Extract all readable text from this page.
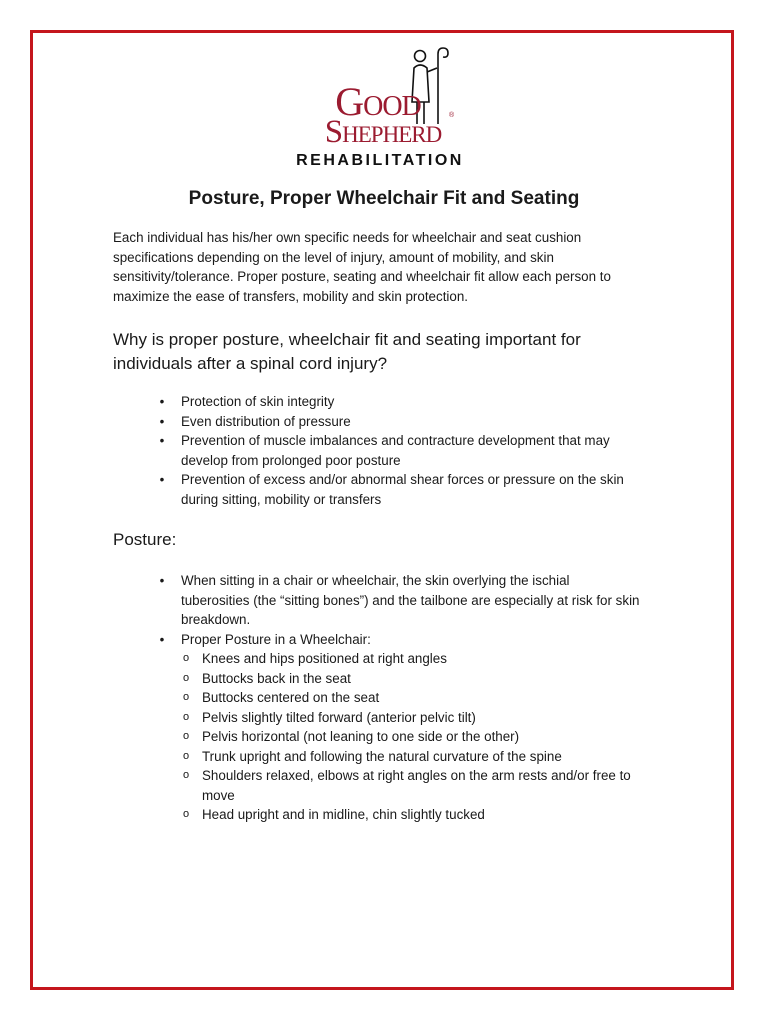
Good	®
Shepherd
REHABILITATION
Posture, Proper Wheelchair Fit and Seating
Each individual has his/her own specific needs for wheelchair and seat cushion
specifications depending on the level of injury, amount of mobility, and skin
sensitivity/tolerance. Proper posture, seating and wheelchair fit allow each person to
maximize the ease of transfers, mobility and skin protection.
Why is proper posture, wheelchair fit and seating important for
individuals after a spinal cord injury?
• Protection of skin integrity
• Even distribution of pressure
• Prevention of muscle imbalances and contracture development that may
develop from prolonged poor posture
• Prevention of excess and/or abnormal shear forces or pressure on the skin
during sitting, mobility or transfers
Posture:
• When sitting in a chair or wheelchair, the skin overlying the ischial
tuberosities (the “sitting bones”) and the tailbone are especially at risk for skin
breakdown.
• Proper Posture in a Wheelchair:
o Knees and hips positioned at right angles
o Buttocks back in the seat
o Buttocks centered on the seat
o Pelvis slightly tilted forward (anterior pelvic tilt)
o Pelvis horizontal (not leaning to one side or the other)
o Trunk upright and following the natural curvature of the spine
o Shoulders relaxed, elbows at right angles on the arm rests and/or free to
move
o Head upright and in midline, chin slightly tucked
